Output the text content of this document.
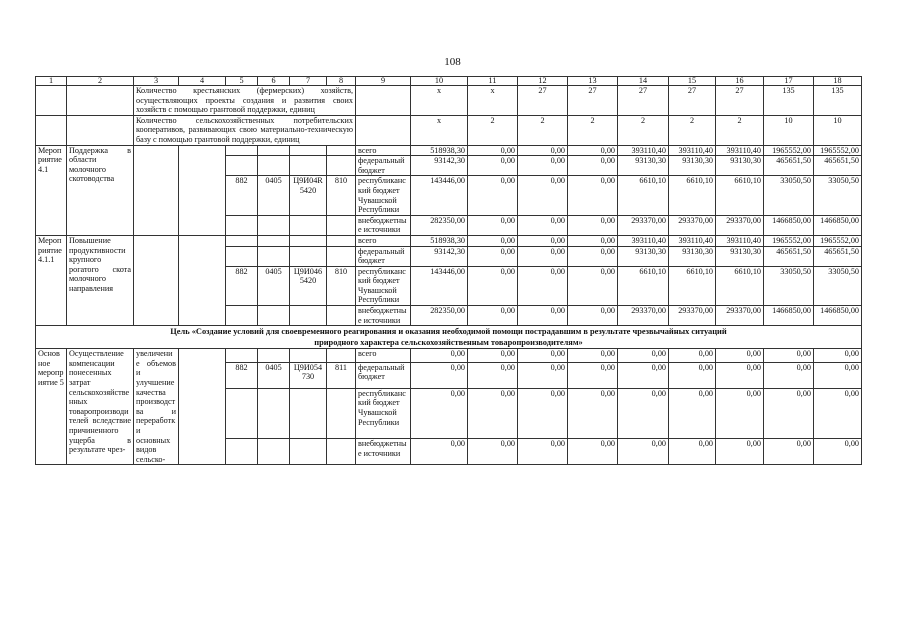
108
1	2	3	4	5	6	7	8	9	10	11	12	13	14	15	16	17	18
		Количество крестьянских (фермерских) хозяйств, осуществляющих проекты создания и развития своих хозяйств с помощью грантовой поддержки, единиц							х	х	27	27	27	27	27	135	135
		Количество сельскохозяйственных потребительских кооперативов, развивающих свою материально-техническую базу с помощью грантовой поддержки, единиц							х	2	2	2	2	2	2	10	10
Мероприятие 4.1	Поддержка в области молочного скотоводства							всего	518938,30	0,00	0,00	0,00	393110,40	393110,40	393110,40	1965552,00	1965552,00
								федеральный бюджет	93142,30	0,00	0,00	0,00	93130,30	93130,30	93130,30	465651,50	465651,50
				882	0405	Ц9И04R5420	810	республиканский бюджет Чувашской Республики	143446,00	0,00	0,00	0,00	6610,10	6610,10	6610,10	33050,50	33050,50
								внебюджетные источники	282350,00	0,00	0,00	0,00	293370,00	293370,00	293370,00	1466850,00	1466850,00
Мероприятие 4.1.1	Повышение продуктивности крупного рогатого скота молочного направления							всего	518938,30	0,00	0,00	0,00	393110,40	393110,40	393110,40	1965552,00	1965552,00
								федеральный бюджет	93142,30	0,00	0,00	0,00	93130,30	93130,30	93130,30	465651,50	465651,50
				882	0405	Ц9И0465420	810	республиканский бюджет Чувашской Республики	143446,00	0,00	0,00	0,00	6610,10	6610,10	6610,10	33050,50	33050,50
								внебюджетные источники	282350,00	0,00	0,00	0,00	293370,00	293370,00	293370,00	1466850,00	1466850,00

Цель «Создание условий для своевременного реагирования и оказания необходимой помощи пострадавшим в результате чрезвычайных ситуаций
природного характера сельскохозяйственным товаропроизводителям»																	

Основное мероприятие 5	Осуществление компенсации понесенных затрат сельскохозяйственных товаропроизводителей вследствие причиненного ущерба в результате чрез-	увеличение объемов и улучшение качества производства и переработки основных видов сельско-						всего	0,00	0,00	0,00	0,00	0,00	0,00	0,00	0,00	0,00
				882	0405	Ц9И054730	811	федеральный бюджет	0,00	0,00	0,00	0,00	0,00	0,00	0,00	0,00	0,00
								республиканский бюджет Чувашской Республики	0,00	0,00	0,00	0,00	0,00	0,00	0,00	0,00	0,00
								внебюджетные источники	0,00	0,00	0,00	0,00	0,00	0,00	0,00	0,00	0,00
